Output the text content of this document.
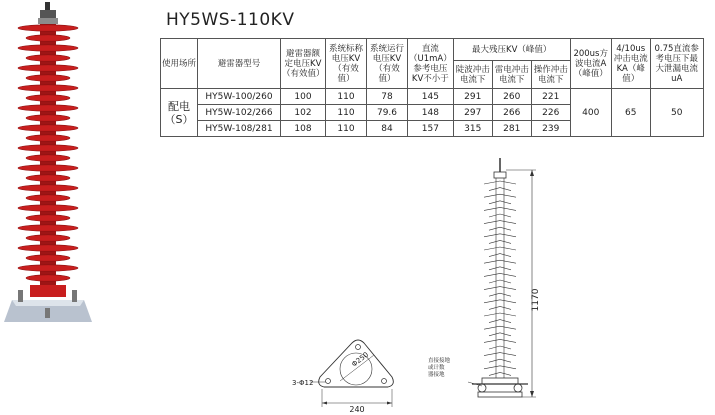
HY5WS-110KV
使用场所	避雷器型号	避雷器额定电压KV（有效值）	系统标称电压KV（有效值）	系统运行电压KV（有效值）	直流（U1mA）参考电压KV不小于	最大残压KV（峰值）			200us方波电流A（峰值）	4/10us冲击电流KA（峰值）	0.75直流参考电压下最大泄漏电流uA
						陡波冲击电流下	雷电冲击电流下	操作冲击电流下			
配电（S）	HY5W-100/260	100	110	78	145	291	260	221	400	65	50
	HY5W-102/266	102	110	79.6	148	297	266	226			
	HY5W-108/281	108	110	84	157	315	281	239			
1170
直接接地 或计数 器接地
Φ250
3-Φ12
240
